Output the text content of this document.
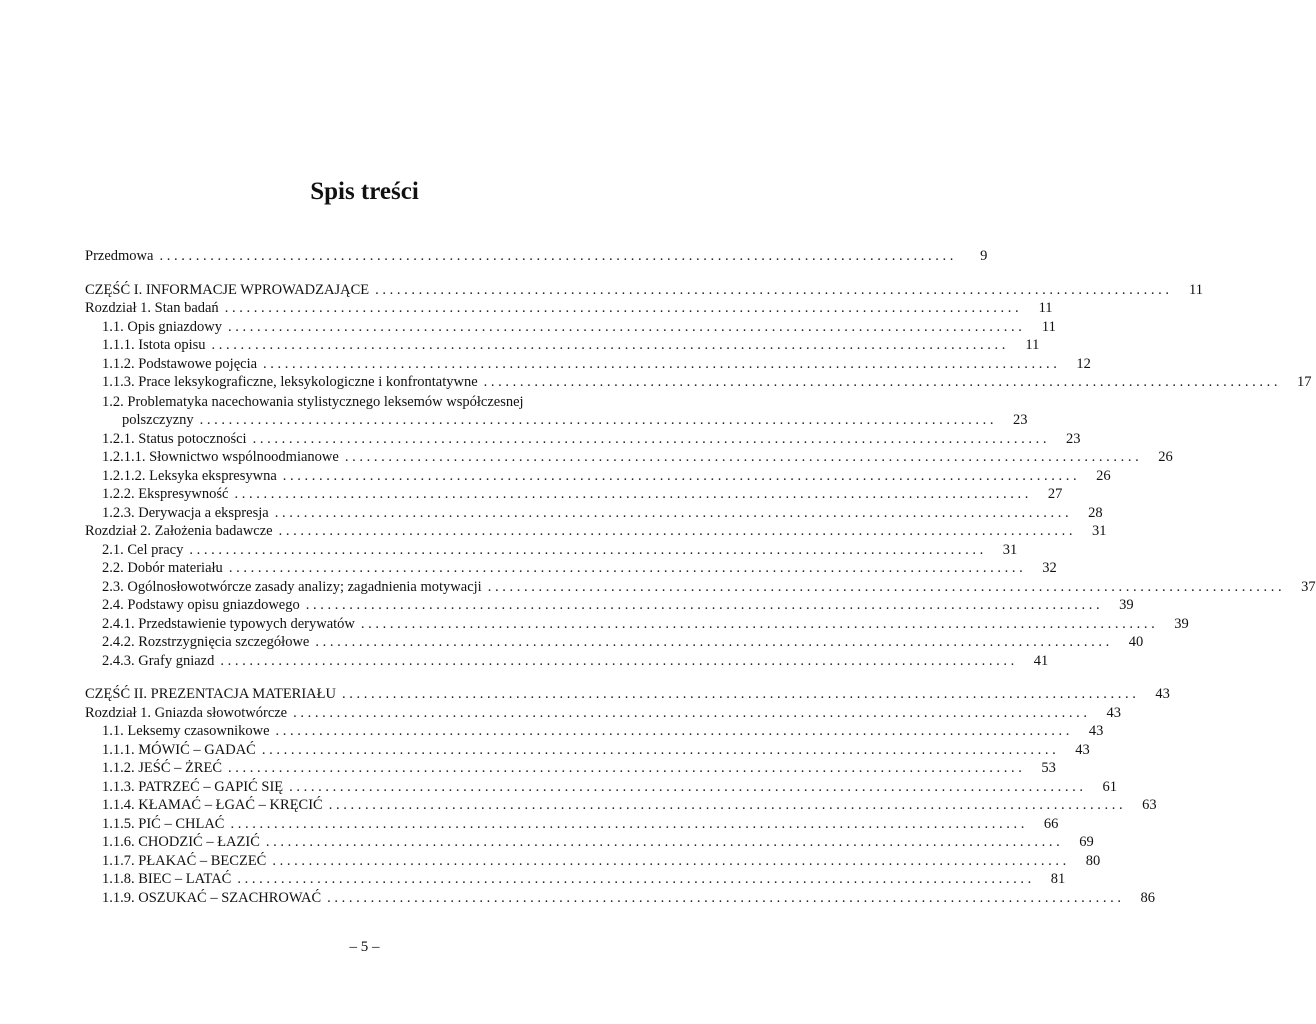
Spis treści
Przedmowa . . .	9
CZĘŚĆ I. INFORMACJE WPROWADZAJĄCE . . .	11
Rozdział 1. Stan badań . . .	11
1.1. Opis gniazdowy . . .	11
1.1.1. Istota opisu . . .	11
1.1.2. Podstawowe pojęcia . . .	12
1.1.3. Prace leksykograficzne, leksykologiczne i konfrontatywne . . .	17
1.2. Problematyka nacechowania stylistycznego leksemów współczesnej
polszczyzny . . .	23
1.2.1. Status potoczności . . .	23
1.2.1.1. Słownictwo wspólnoodmianowe . . .	26
1.2.1.2. Leksyka ekspresywna . . .	26
1.2.2. Ekspresywność . . .	27
1.2.3. Derywacja a ekspresja . . .	28
Rozdział 2. Założenia badawcze . . .	31
2.1. Cel pracy . . .	31
2.2. Dobór materiału . . .	32
2.3. Ogólnosłowotwórcze zasady analizy; zagadnienia motywacji . . .	37
2.4. Podstawy opisu gniazdowego . . .	39
2.4.1. Przedstawienie typowych derywatów . . .	39
2.4.2. Rozstrzygnięcia szczegółowe . . .	40
2.4.3. Grafy gniazd . . .	41
CZĘŚĆ II. PREZENTACJA MATERIAŁU . . .	43
Rozdział 1. Gniazda słowotwórcze . . .	43
1.1. Leksemy czasownikowe . . .	43
1.1.1. MÓWIĆ – GADAĆ . . .	43
1.1.2. JEŚĆ – ŻREĆ . . .	53
1.1.3. PATRZEĆ – GAPIĆ SIĘ . . .	61
1.1.4. KŁAMAĆ – ŁGAĆ – KRĘCIĆ . . .	63
1.1.5. PIĆ – CHLAĆ . . .	66
1.1.6. CHODZIĆ – ŁAZIĆ . . .	69
1.1.7. PŁAKAĆ – BECZEĆ . . .	80
1.1.8. BIEC – LATAĆ . . .	81
1.1.9. OSZUKAĆ – SZACHROWAĆ . . .	86
– 5 –
